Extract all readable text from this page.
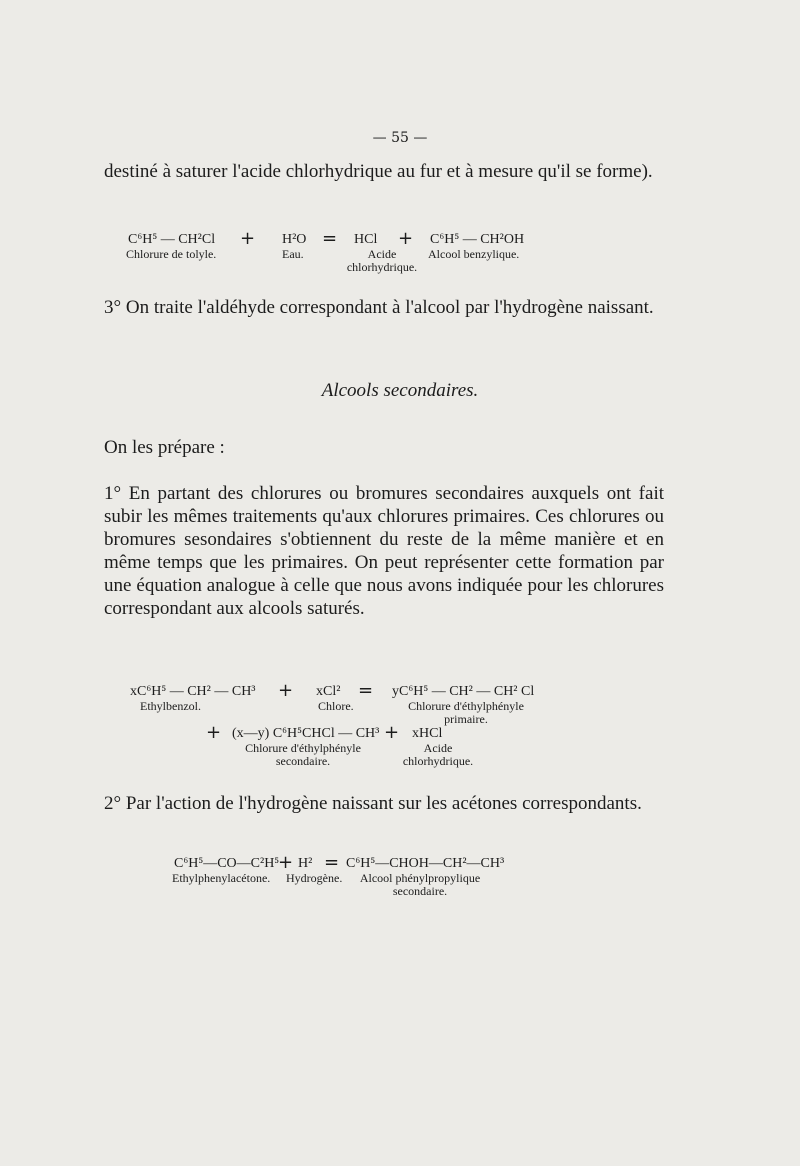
— 55 —
destiné à saturer l'acide chlorhydrique au fur et à mesure qu'il se forme).
C⁶H⁵ — CH²Cl
Chlorure de tolyle.
+ H²O
Eau.
= HCl
Acide chlorhydrique.
+ C⁶H⁵ — CH²OH
Alcool benzylique.
3° On traite l'aldéhyde correspondant à l'alcool par l'hydrogène naissant.
Alcools secondaires.
On les prépare :
1° En partant des chlorures ou bromures secondaires auxquels ont fait subir les mêmes traitements qu'aux chlorures primaires. Ces chlorures ou bromures sesondaires s'obtiennent du reste de la même manière et en même temps que les primaires. On peut représenter cette formation par une équation analogue à celle que nous avons indiquée pour les chlorures correspondant aux alcools saturés.
xC⁶H⁵ — CH² — CH³
Ethylbenzol.
+ xCl²
Chlore.
= yC⁶H⁵ — CH² — CH² Cl
Chlorure d'éthylphényle primaire.
+ (x—y) C⁶H⁵CHCl — CH³
Chlorure d'éthylphényle secondaire.
+ xHCl
Acide chlorhydrique.
2° Par l'action de l'hydrogène naissant sur les acétones correspondants.
C⁶H⁵—CO—C²H⁵
Ethylphenylacétone.
+ H²
Hydrogène.
= C⁶H⁵—CHOH—CH²—CH³
Alcool phénylpropylique secondaire.
